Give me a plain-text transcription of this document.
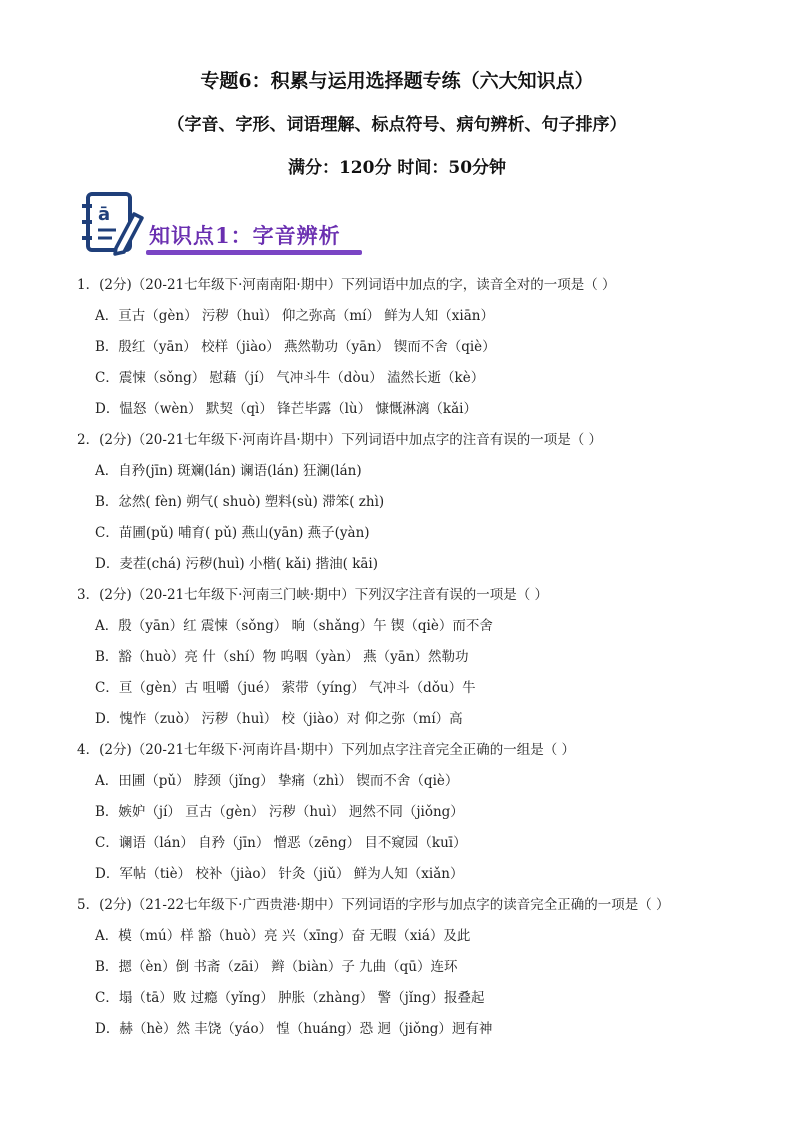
专题6：积累与运用选择题专练（六大知识点）
（字音、字形、词语理解、标点符号、病句辨析、句子排序）
满分：120分 时间：50分钟
ā
知识点1：字音辨析
1．(2分)（20-21七年级下·河南南阳·期中）下列词语中加点的字，读音全对的一项是（ ）
A．亘古（gèn） 污秽（huì） 仰之弥高（mí） 鲜为人知（xiān）
B．殷红（yān） 校样（jiào） 燕然勒功（yān） 锲而不舍（qiè）
C．震悚（sǒng） 慰藉（jí） 气冲斗牛（dòu） 溘然长逝（kè）
D．愠怒（wèn） 默契（qì） 锋芒毕露（lù） 慷慨淋漓（kǎi）
2．(2分)（20-21七年级下·河南许昌·期中）下列词语中加点字的注音有误的一项是（ ）
A．自矜(jīn) 斑斓(lán) 谰语(lán) 狂澜(lán)
B．忿然( fèn) 朔气( shuò) 塑料(sù) 滞笨( zhì)
C．苗圃(pǔ) 哺育( pǔ) 燕山(yān) 燕子(yàn)
D．麦茬(chá) 污秽(huì) 小楷( kǎi) 揩油( kāi)
3．(2分)（20-21七年级下·河南三门峡·期中）下列汉字注音有误的一项是（ ）
A．殷（yān）红 震悚（sǒng） 晌（shǎng）午 锲（qiè）而不舍
B．豁（huò）亮 什（shí）物 呜咽（yàn） 燕（yān）然勒功
C．亘（gèn）古 咀嚼（jué） 萦带（yíng） 气冲斗（dǒu）牛
D．愧怍（zuò） 污秽（huì） 校（jiào）对 仰之弥（mí）高
4．(2分)（20-21七年级下·河南许昌·期中）下列加点字注音完全正确的一组是（ ）
A．田圃（pǔ） 脖颈（jǐng） 挚痛（zhì） 锲而不舍（qiè）
B．嫉妒（jí） 亘古（gèn） 污秽（huì） 迥然不同（jiǒng）
C．谰语（lán） 自矜（jīn） 憎恶（zēng） 目不窥园（kuī）
D．军帖（tiè） 校补（jiào） 针灸（jiǔ） 鲜为人知（xiǎn）
5．(2分)（21-22七年级下·广西贵港·期中）下列词语的字形与加点字的读音完全正确的一项是（ ）
A．模（mú）样 豁（huò）亮 兴（xīng）奋 无暇（xiá）及此
B．摁（èn）倒 书斋（zāi） 辫（biàn）子 九曲（qū）连环
C．塌（tā）败 过瘾（yǐng） 肿胀（zhàng） 警（jǐng）报叠起
D．赫（hè）然 丰饶（yáo） 惶（huáng）恐 迥（jiǒng）迥有神
